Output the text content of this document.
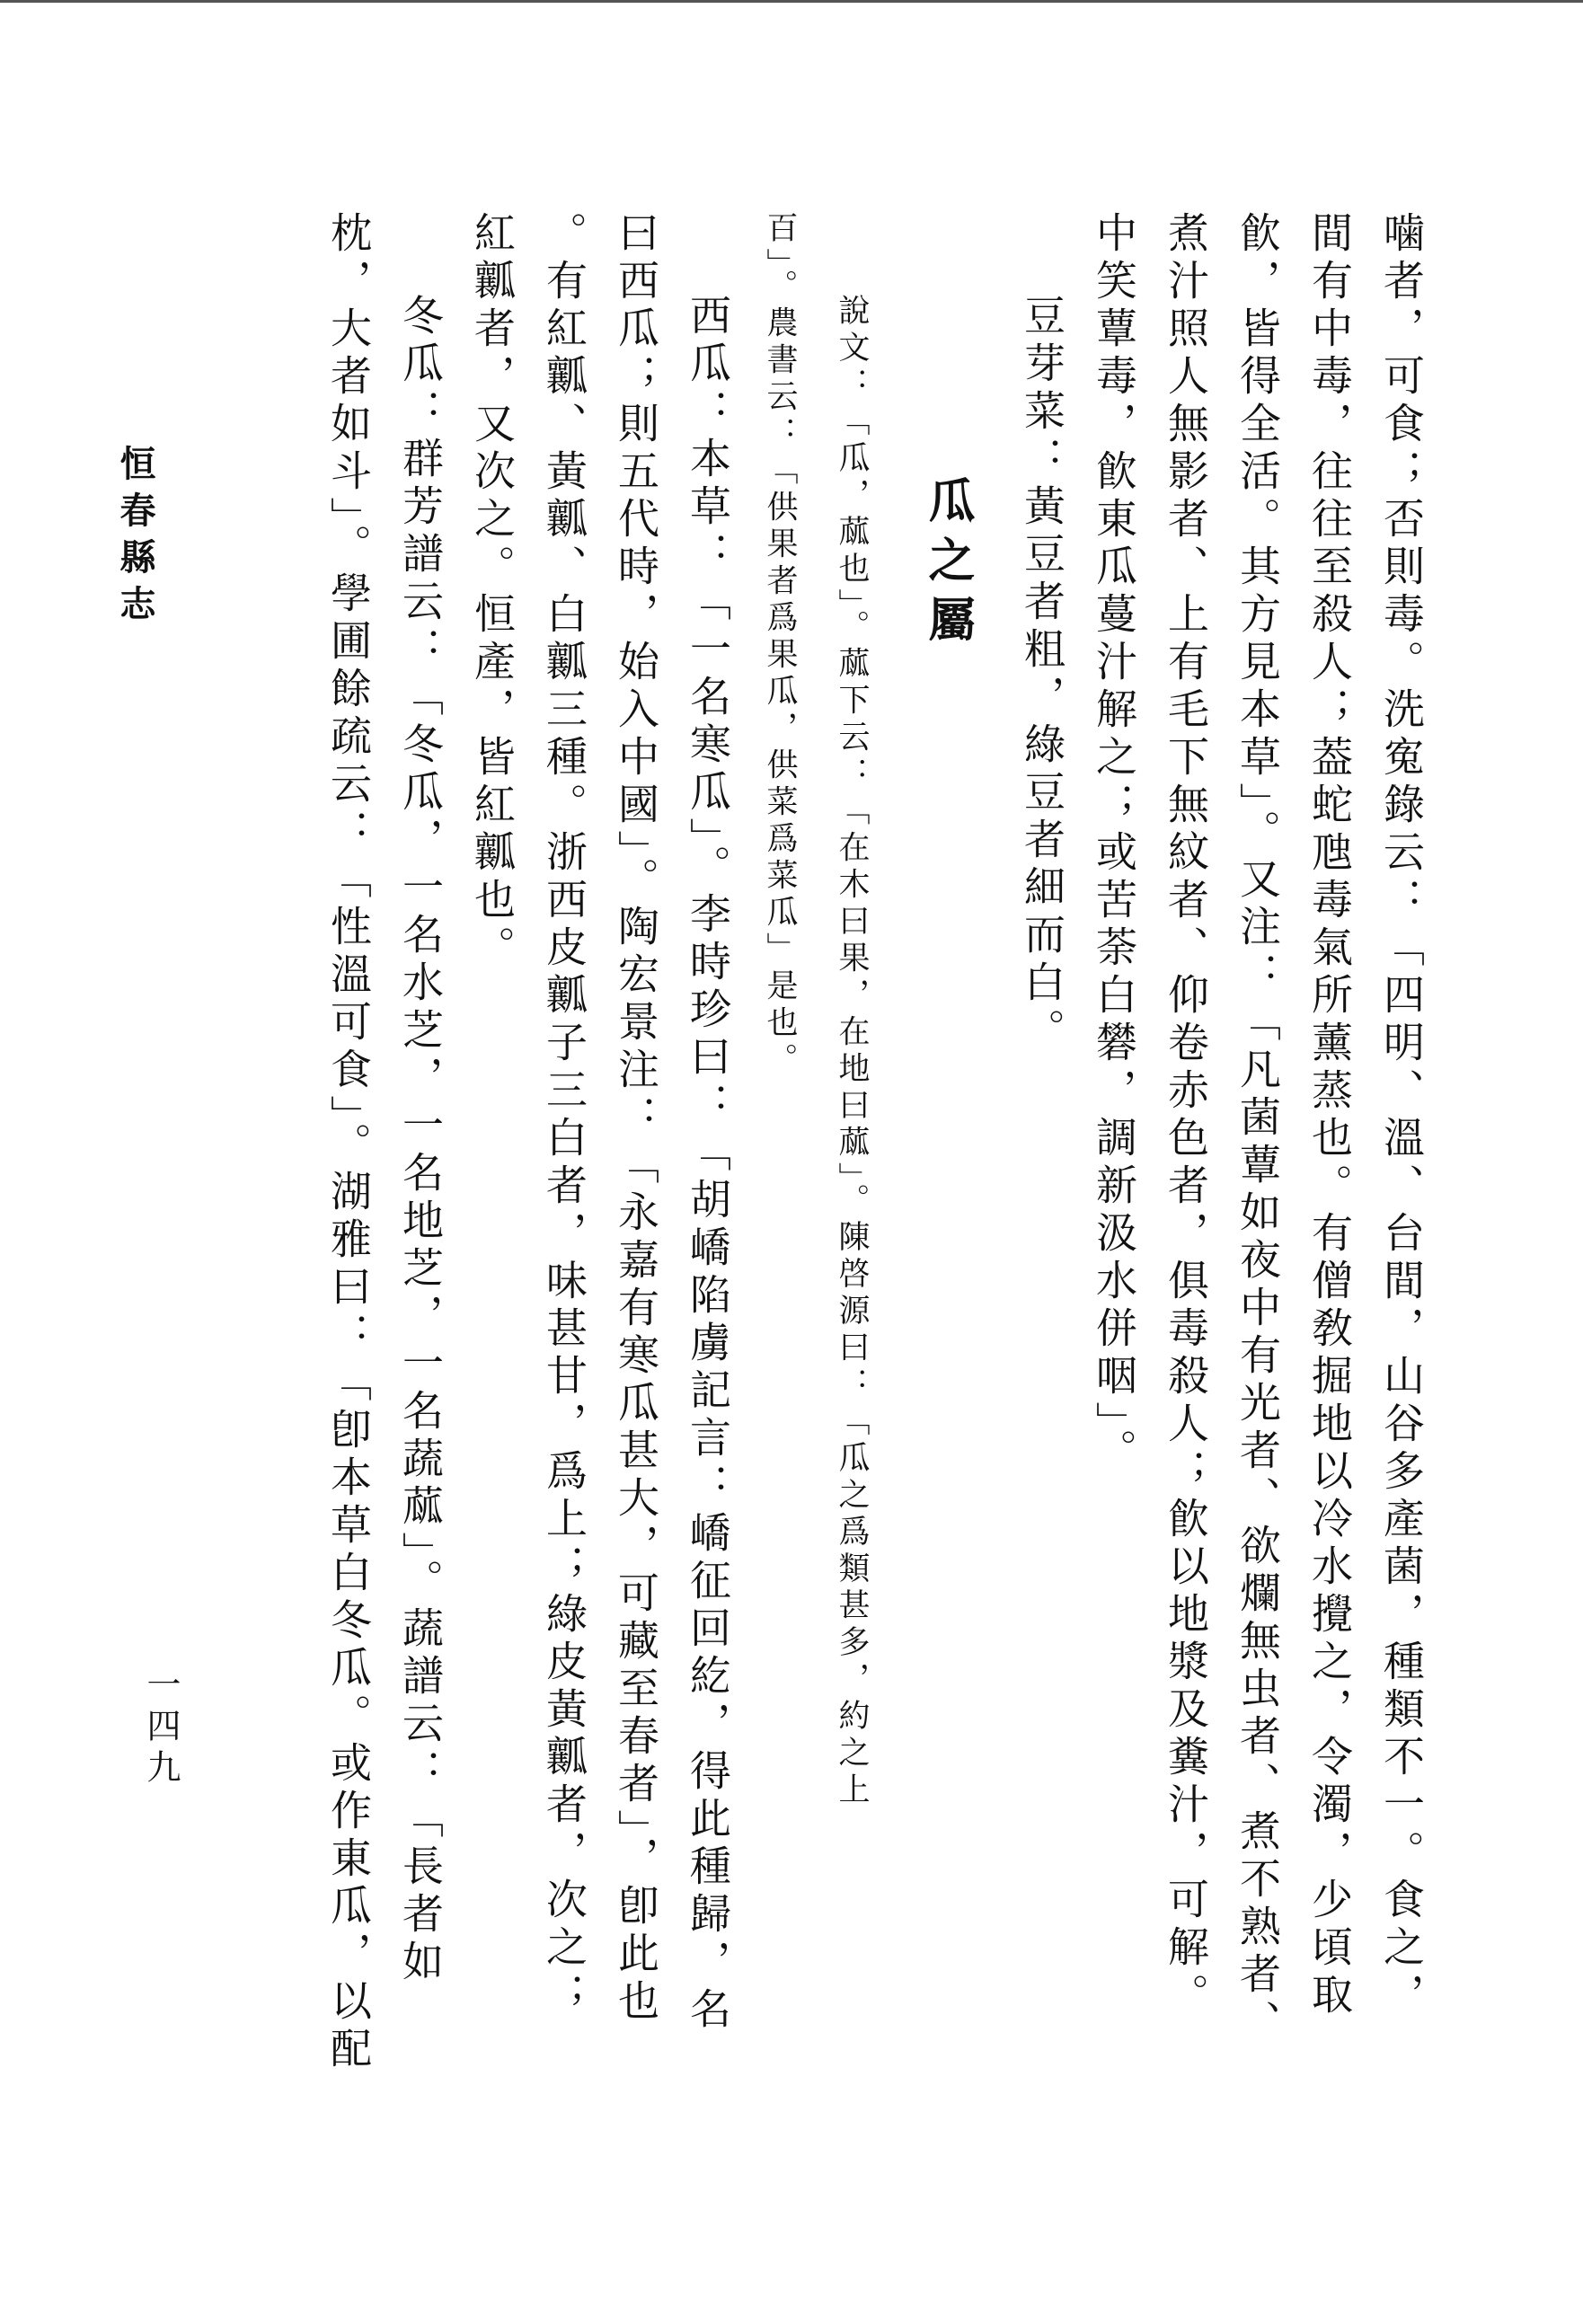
噛者，可食；否則毒。洗寃錄云：「四明、溫、台間，山谷多產菌，種類不一。食之，
間有中毒，往往至殺人；葢蛇虺毒氣所薰蒸也。有僧敎掘地以冷水攪之，令濁，少頃取
飮，皆得全活。其方見本草」。又注：「凡菌蕈如夜中有光者、欲爛無虫者、煮不熟者、
煮汁照人無影者、上有毛下無紋者、仰卷赤色者，俱毒殺人；飮以地漿及糞汁，可解。
中笑蕈毒，飮東瓜蔓汁解之；或苦荼白礬，調新汲水併咽」。
豆芽菜：黃豆者粗，綠豆者細而白。
瓜之屬
說文：「瓜，蓏也」。蓏下云：「在木曰果，在地曰蓏」。陳啓源曰：「瓜之爲類甚多，約之上
百」。農書云：「供果者爲果瓜，供菜爲菜瓜」是也。
西瓜：本草：「一名寒瓜」。李時珍曰：「胡嶠陷虜記言：嶠征回紇，得此種歸，名
曰西瓜；則五代時，始入中國」。陶宏景注：「永嘉有寒瓜甚大，可藏至春者」，卽此也
。有紅瓤、黃瓤、白瓤三種。浙西皮瓤子三白者，味甚甘，爲上；綠皮黃瓤者，次之；
紅瓤者，又次之。恒產，皆紅瓤也。
冬瓜：群芳譜云：「冬瓜，一名水芝，一名地芝，一名蔬蓏」。蔬譜云：「長者如
枕，大者如斗」。學圃餘疏云：「性溫可食」。湖雅曰：「卽本草白冬瓜。或作東瓜，以配
恒春縣志
一四九
